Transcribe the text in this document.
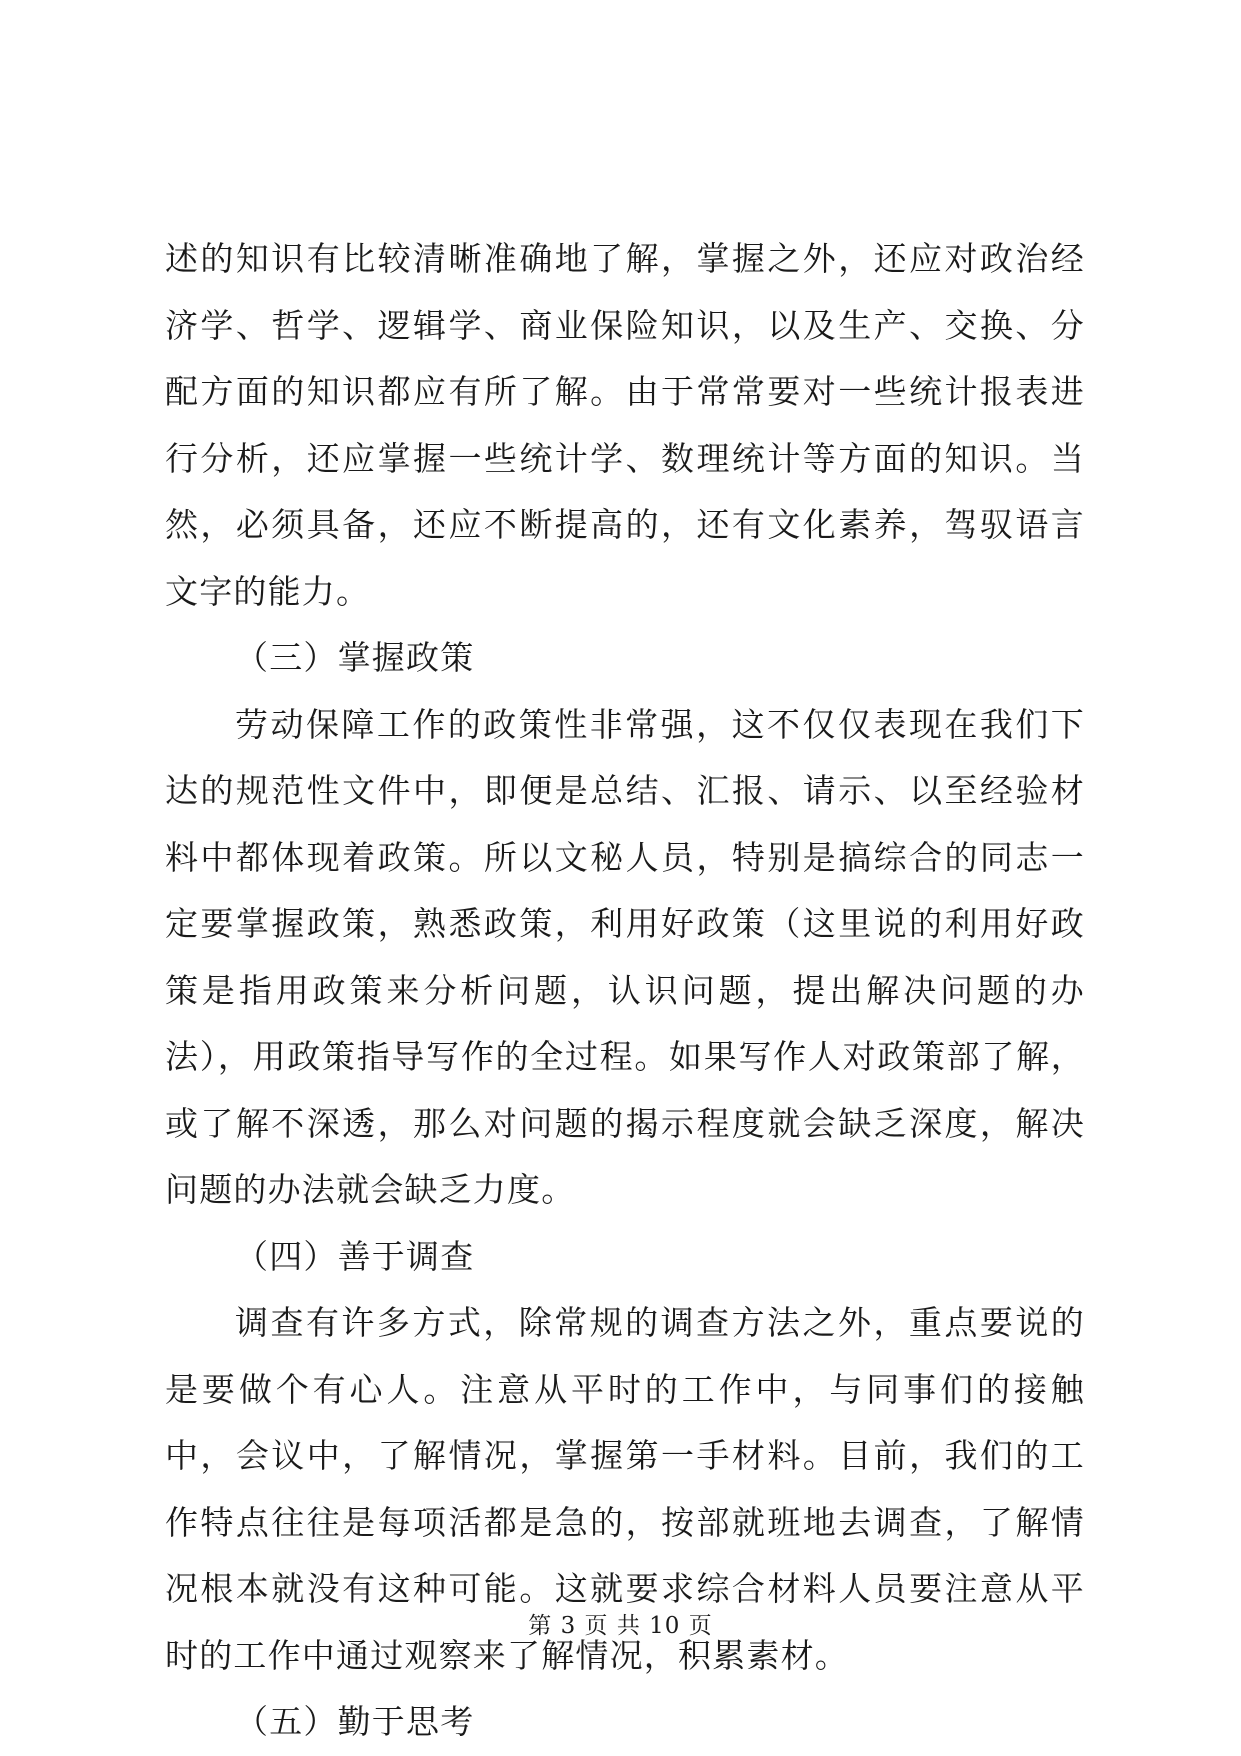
述的知识有比较清晰准确地了解，掌握之外，还应对政治经济学、哲学、逻辑学、商业保险知识，以及生产、交换、分配方面的知识都应有所了解。由于常常要对一些统计报表进行分析，还应掌握一些统计学、数理统计等方面的知识。当然，必须具备，还应不断提高的，还有文化素养，驾驭语言文字的能力。

（三）掌握政策

劳动保障工作的政策性非常强，这不仅仅表现在我们下达的规范性文件中，即便是总结、汇报、请示、以至经验材料中都体现着政策。所以文秘人员，特别是搞综合的同志一定要掌握政策，熟悉政策，利用好政策（这里说的利用好政策是指用政策来分析问题，认识问题，提出解决问题的办法），用政策指导写作的全过程。如果写作人对政策部了解，或了解不深透，那么对问题的揭示程度就会缺乏深度，解决问题的办法就会缺乏力度。

（四）善于调查

调查有许多方式，除常规的调查方法之外，重点要说的是要做个有心人。注意从平时的工作中，与同事们的接触中，会议中，了解情况，掌握第一手材料。目前，我们的工作特点往往是每项活都是急的，按部就班地去调查，了解情况根本就没有这种可能。这就要求综合材料人员要注意从平时的工作中通过观察来了解情况，积累素材。

（五）勤于思考

第 3 页 共 10 页
